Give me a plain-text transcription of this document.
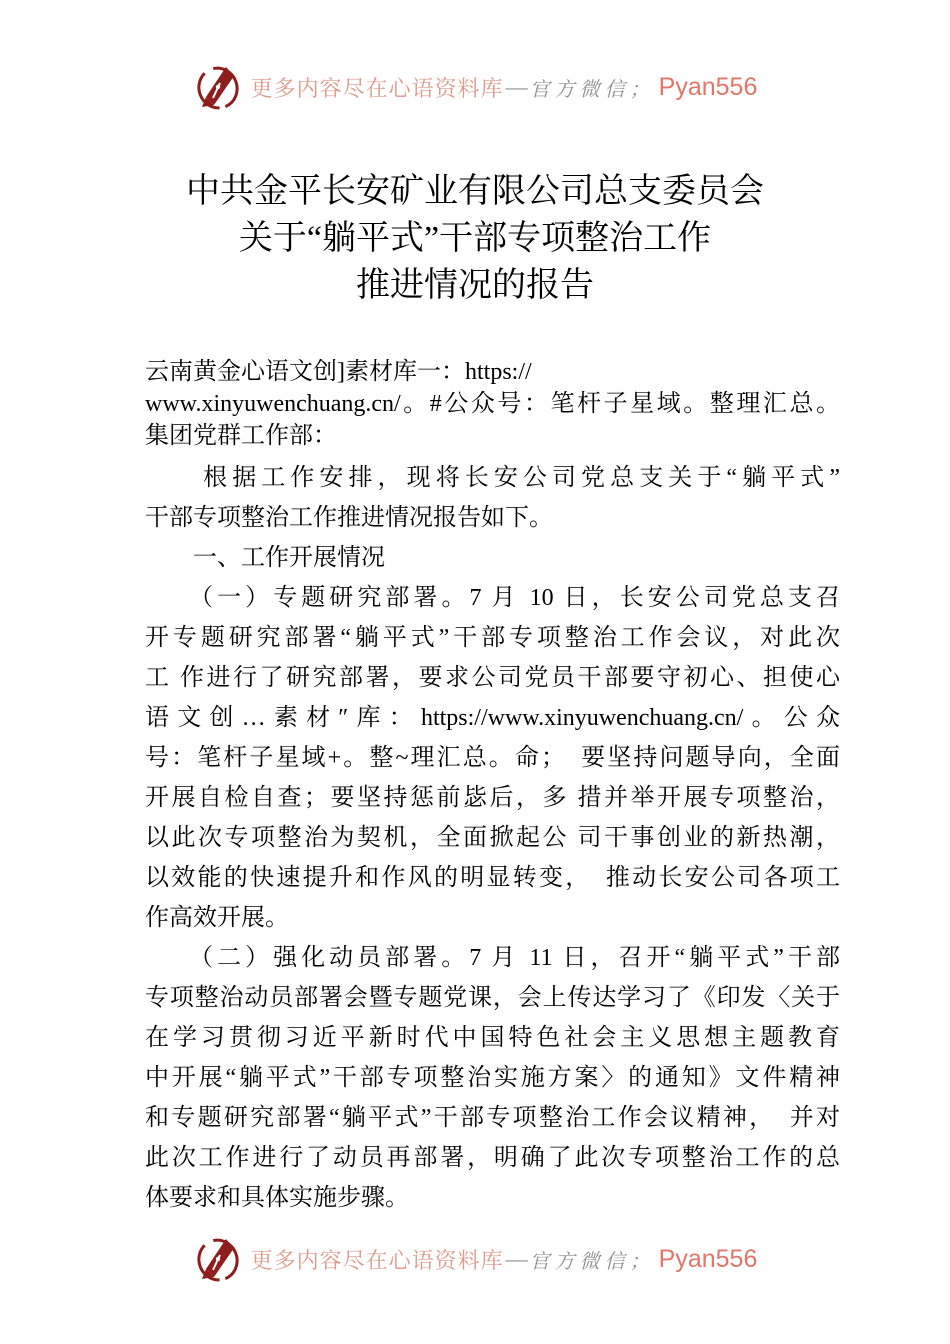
更多内容尽在心语资料库 — 官方微信； Pyan556
中共金平长安矿业有限公司总支委员会
关于“躺平式”干部专项整治工作
推进情况的报告
云南黄金心语文创]素材库一：https://
www.xinyuwenchuang.cn/。#公众号：笔杆子星域。整理汇总。
集团党群工作部：
　　根据工作安排，现将长安公司党总支关于“躺平式”
干部专项整治工作推进情况报告如下。
　　一、工作开展情况
　　（一）专题研究部署。7 月 10 日，长安公司党总支召
开专题研究部署“躺平式”干部专项整治工作会议，对此次
工 作进行了研究部署，要求公司党员干部要守初心、担使心
语文创…素材″库：https://www.xinyuwenchuang.cn/。公众
号：笔杆子星域+。整~理汇总。命；　要坚持问题导向，全面
开展自检自查；要坚持惩前毖后，多 措并举开展专项整治，
以此次专项整治为契机，全面掀起公 司干事创业的新热潮，
以效能的快速提升和作风的明显转变，　推动长安公司各项工
作高效开展。
　　（二）强化动员部署。7 月 11 日，召开“躺平式”干部
专项整治动员部署会暨专题党课，会上传达学习了《印发〈关于
在学习贯彻习近平新时代中国特色社会主义思想主题教育
中开展“躺平式”干部专项整治实施方案〉的通知》文件精神
和专题研究部署“躺平式”干部专项整治工作会议精神，　并对
此次工作进行了动员再部署，明确了此次专项整治工作的总
体要求和具体实施步骤。
更多内容尽在心语资料库 — 官方微信； Pyan556
